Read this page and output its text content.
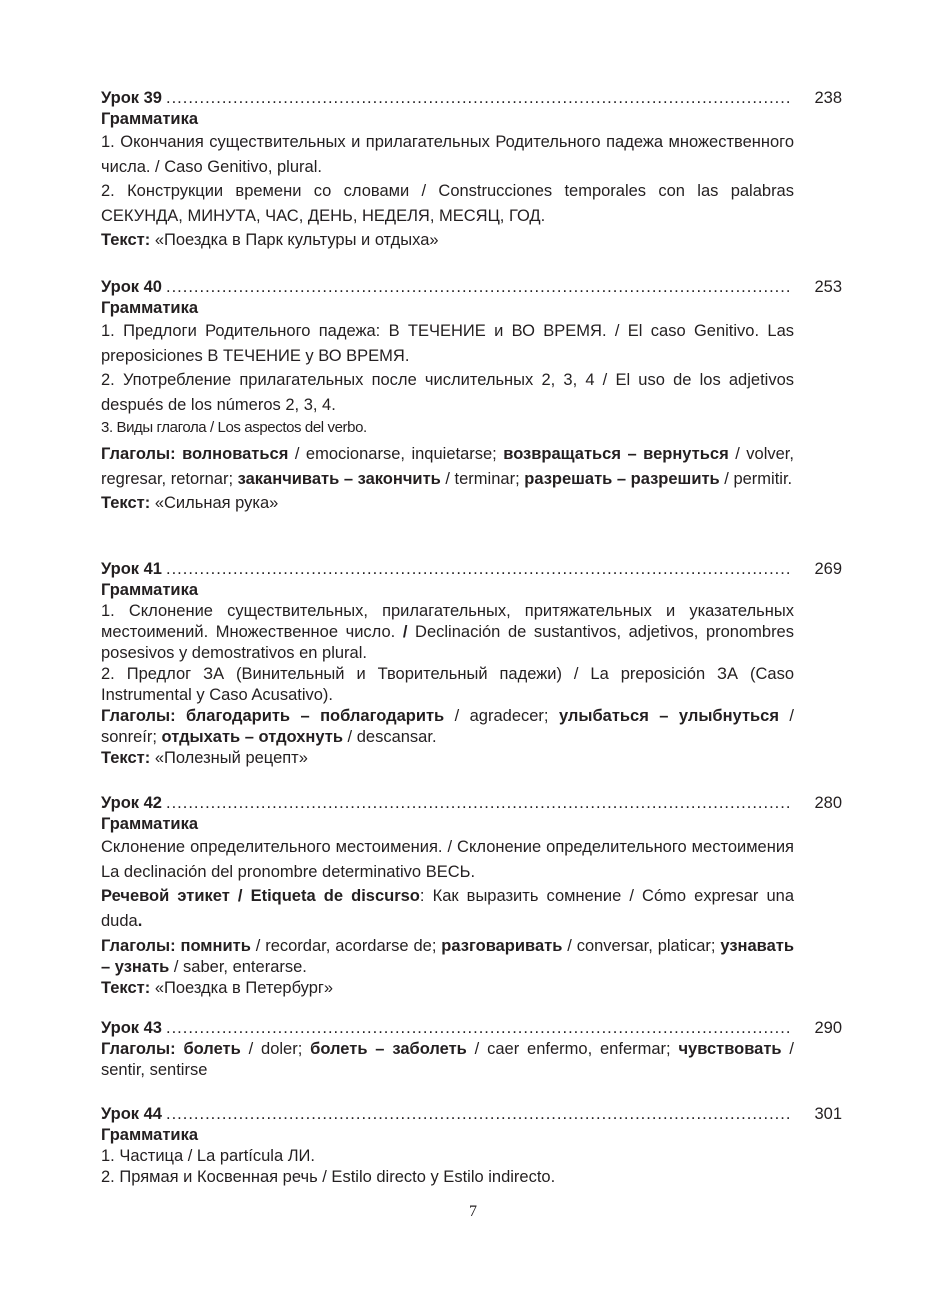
Урок 39 .....	238
Грамматика

1. Окончания существительных и прилагательных Родительного падежа множественного числа. / Caso Genitivo, plural.

2. Конструкции времени со словами / Construcciones temporales con las palabras СЕКУНДА, МИНУТА, ЧАС, ДЕНЬ, НЕДЕЛЯ, МЕСЯЦ, ГОД.

Текст: «Поездка в Парк культуры и отдыха»

Урок 40 .....	253
Грамматика

1. Предлоги Родительного падежа: В ТЕЧЕНИЕ и ВО ВРЕМЯ. / El caso Genitivo. Las preposiciones В ТЕЧЕНИЕ y ВО ВРЕМЯ.

2. Употребление прилагательных после числительных 2, 3, 4 / El uso de los adjetivos después de los números 2, 3, 4.

3. Виды глагола / Los aspectos del verbo.

Глаголы: волноваться / emocionarse, inquietarse; возвращаться – вернуться / volver, regresar, retornar; заканчивать – закончить / terminar; разрешать – разрешить / permitir.

Текст: «Сильная рука»

Урок 41 .....	269
Грамматика

1. Склонение существительных, прилагательных, притяжательных и указательных местоимений. Множественное число. / Declinación de sustantivos, adjetivos, pronombres posesivos y demostrativos en plural.

2. Предлог ЗА (Винительный и Творительный падежи) / La preposición ЗА (Caso Instrumental y Caso Acusativo).

Глаголы: благодарить – поблагодарить / agradecer; улыбаться – улыбнуться / sonreír; отдыхать – отдохнуть / descansar.

Текст: «Полезный рецепт»

Урок 42 .....	280
Грамматика

Склонение определительного местоимения. / Склонение определительного местоимения La declinación del pronombre determinativo ВЕСЬ.

Речевой этикет / Etiqueta de discurso: Как выразить сомнение / Cómo expresar una duda.

Глаголы: помнить / recordar, acordarse de; разговаривать / conversar, platicar; узнавать – узнать / saber, enterarse.

Текст: «Поездка в Петербург»

Урок 43 .....	290

Глаголы: болеть / doler; болеть – заболеть / caer enfermo, enfermar; чувствовать / sentir, sentirse

Урок 44 .....	301
Грамматика

1. Частица / La partícula ЛИ.

2. Прямая и Косвенная речь / Estilo directo y Estilo indirecto.

7
